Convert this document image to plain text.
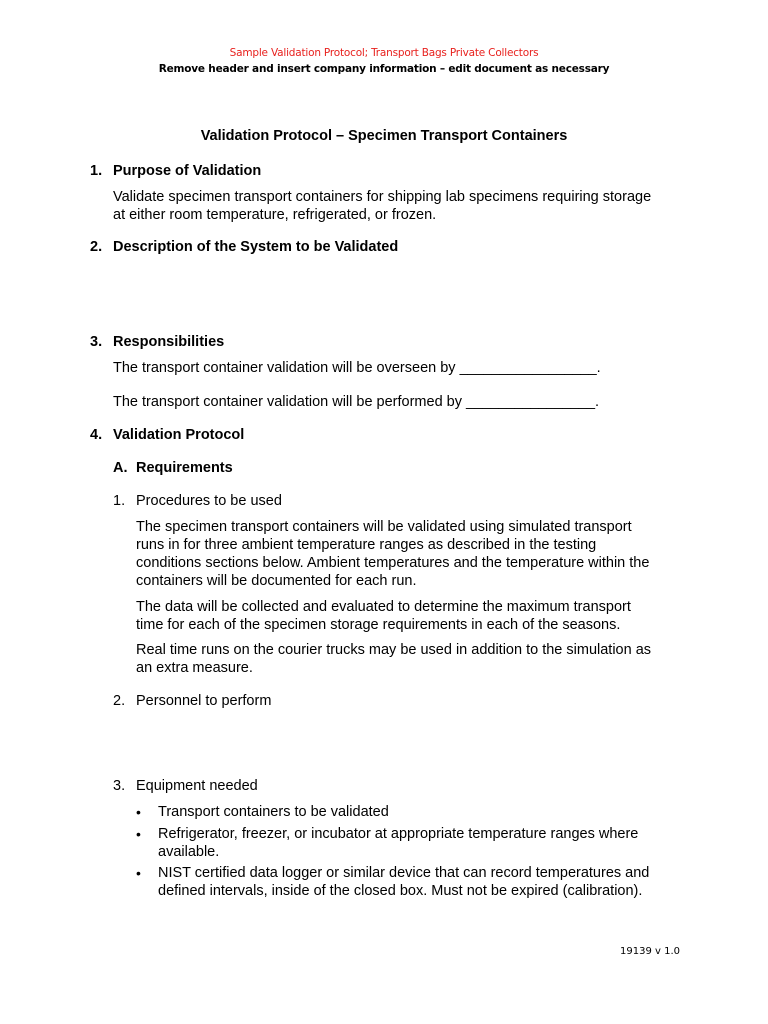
Sample Validation Protocol; Transport Bags Private Collectors
Remove header and insert company information – edit document as necessary
Validation Protocol – Specimen Transport Containers
1. Purpose of Validation
Validate specimen transport containers for shipping lab specimens requiring storage
at either room temperature, refrigerated, or frozen.
2. Description of the System to be Validated
3. Responsibilities
The transport container validation will be overseen by _________________.
The transport container validation will be performed by ________________.
4. Validation Protocol
A. Requirements
1. Procedures to be used
The specimen transport containers will be validated using simulated transport
runs in for three ambient temperature ranges as described in the testing
conditions sections below. Ambient temperatures and the temperature within the
containers will be documented for each run.
The data will be collected and evaluated to determine the maximum transport
time for each of the specimen storage requirements in each of the seasons.
Real time runs on the courier trucks may be used in addition to the simulation as
an extra measure.
2. Personnel to perform
3. Equipment needed
• Transport containers to be validated
• Refrigerator, freezer, or incubator at appropriate temperature ranges where
available.
• NIST certified data logger or similar device that can record temperatures and
defined intervals, inside of the closed box. Must not be expired (calibration).
19139 v 1.0
